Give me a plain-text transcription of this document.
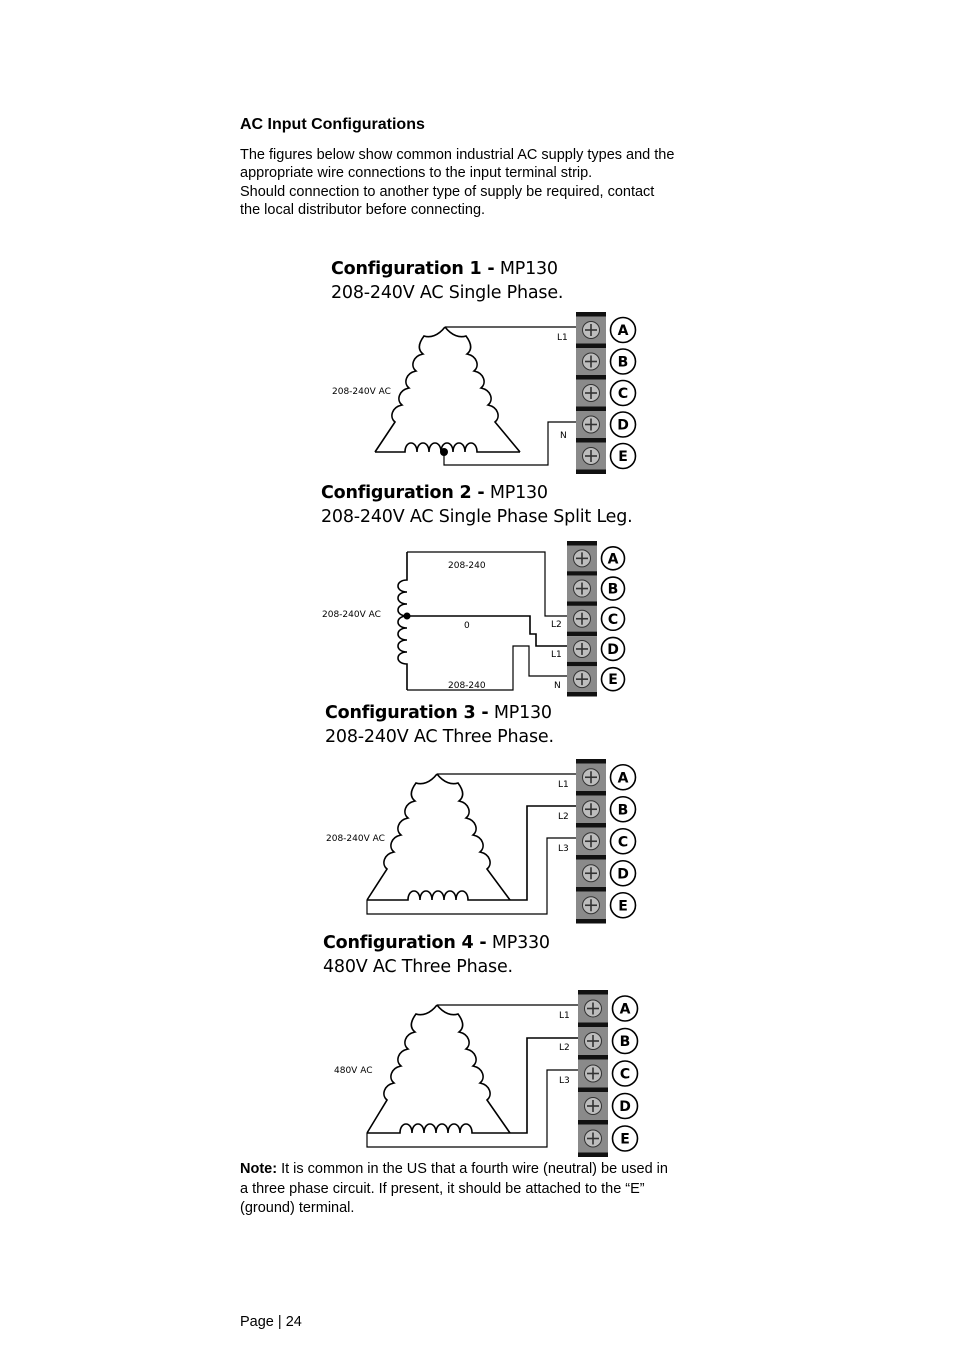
AC Input Configurations
The figures below show common industrial AC supply types and the
appropriate wire connections to the input terminal strip.
Should connection to another type of supply be required, contact
the local distributor before connecting.
Configuration 1 - MP130
208-240V AC Single Phase.
208-240V AC
L1
N
A
B
C
D
E
Configuration 2 - MP130
208-240V AC Single Phase Split Leg.
208-240V AC
208-240
0
208-240
L2
L1
N
A
B
C
D
E
Configuration 3 - MP130
208-240V AC Three Phase.
208-240V AC
L1
L2
L3
A
B
C
D
E
Configuration 4 - MP330
480V AC Three Phase.
480V AC
L1
L2
L3
A
B
C
D
E
Note: It is common in the US that a fourth wire (neutral) be used in
a three phase circuit. If present, it should be attached to the “E”
(ground) terminal.
Page | 24
